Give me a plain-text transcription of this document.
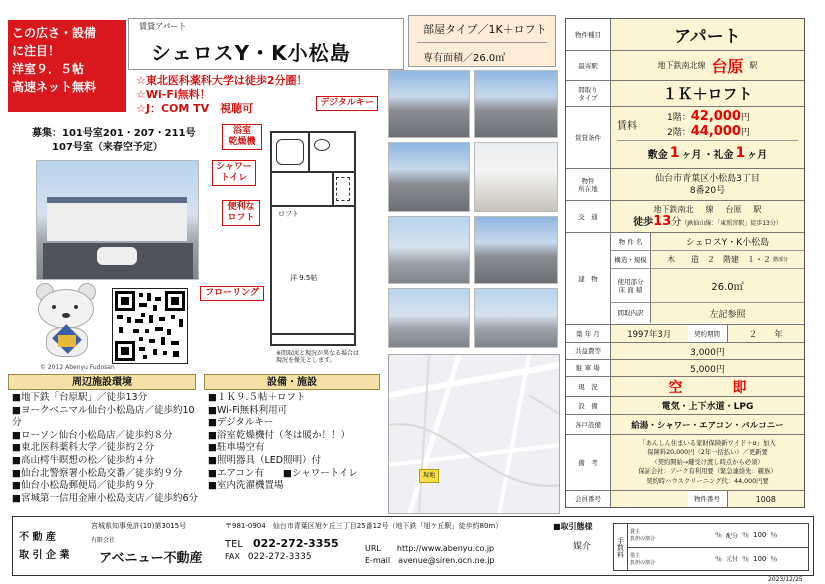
この広さ・設備
に注目！
洋室９．５帖
高速ネット無料
賃貸アパート
シェロスY・K小松島
部屋タイプ／1K＋ロフト
専有面積／26.0㎡
☆東北医科薬科大学は徒歩2分圏！
☆Wi-Fi無料！
☆J：COM TV　視聴可
募集：101号室201・207・211号
107号室（来春空予定）
© 2012 Abenyu Fudosan
ロフト
洋 9.5帖
※間取図と現況が異なる場合は
現況を優先とします。
デジタルキー
浴室
乾燥機
シャワー
トイレ
便利な
ロフト
フローリング
現地
周辺施設環境
■地下鉄「台原駅」／徒歩13分
■ヨークベニマル仙台小松島店／徒歩約10分
■ローソン仙台小松島店／徒歩約８分
■東北医科薬科大学／徒歩約２分
■高山樗牛瞑想の松／徒歩約４分
■仙台北警察署小松島交番／徒歩約９分
■仙台小松島郵便局／徒歩約９分
■宮城第一信用金庫小松島支店／徒歩約6分
設備・施設
■１Ｋ９.５帖＋ロフト
■Wi-Fi無料利用可
■デジタルキー
■浴室乾燥機付（冬は暖か！！）
■駐車場空有
■照明器具（LED照明）付
■エアコン有　　■シャワートイレ
■室内洗濯機置場
物件種目	アパート
最寄駅	地下鉄南北線 台原 駅
間取り
タイプ	１Ｋ＋ロフト
賃貸条件
賃料
1階：42,000円
2階：44,000円
敷金 1 ヶ月 ・礼金 1 ヶ月
物件
所在地
仙台市青葉区小松島3丁目
8番20号
交　通
地下鉄南北 線 台原 駅
徒歩13分（JR仙山線：「東照宮駅」徒歩13分）
建　物
物 件 名	シェロスY・K小松島
構造・規模	木　　造　２　階建　１・２ 階部分
使用部分
床 面 積	26.0㎡
間取内訳	左記参照
築 年 月	1997年3月	契約期間	２　　年
共益費等	3,000円
駐 車 場	5,000円
現　況	空	即
設　備	電気・上下水道・LPG
各戸設備	給湯・シャワー・エアコン・バルコニー
備　考
「あんしん住まいる家財保険新ワイド＋α」加入
保険料20,000円（2年一括払い）／更新要
（契約開始→鍵受け渡し時点から必須）
保証会社：アーク有利用要（緊急連絡先：親族）
契約時ハウスクリーニング代：44,000円要
会員番号	物件番号	1008
不 動 産
取 引 企 業
宮城県知事免許(10)第3015号
有限会社
アベニュー不動産
〒981-0904　仙台市青葉区旭ケ丘三丁目25番12号（地下鉄「旭ケ丘駅」徒歩約80m）
TEL　 022-272-3355
FAX　 022-272-3335
URL　　 http://www.abenyu.co.jp
E-mail　 avenue@siren.ocn.ne.jp
■取引態様
媒介	手数料
貸主
負担の割合	％ 配分 ％ 100 ％
借主
負担の割合	％ 元付 ％ 100 ％
2023/12/25
